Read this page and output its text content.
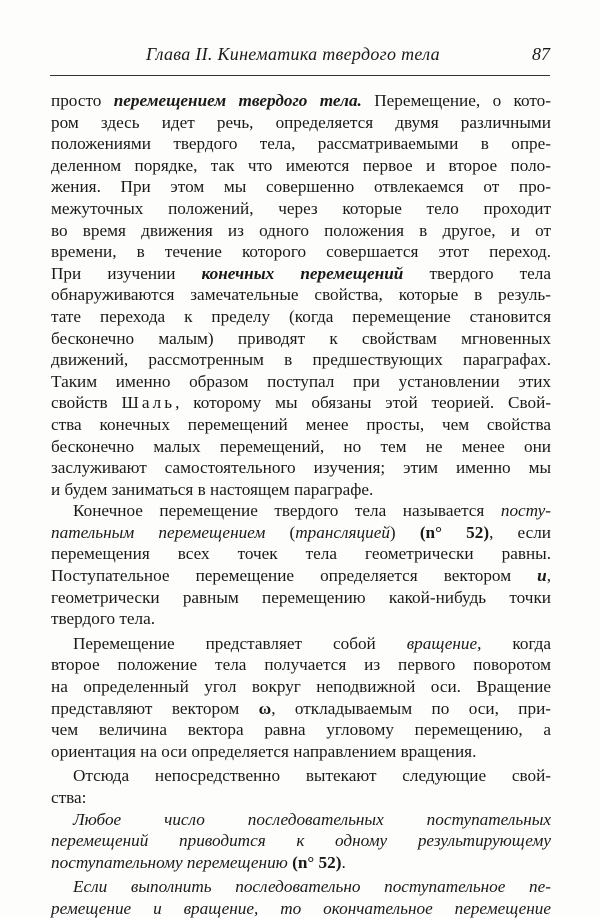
Глава II. Кинематика твердого тела	87

просто перемещением твердого тела. Перемещение, о кото-

ром здесь идет речь, определяется двумя различными

положениями твердого тела, рассматриваемыми в опре-

деленном порядке, так что имеются первое и второе поло-

жения. При этом мы совершенно отвлекаемся от про-

межуточных положений, через которые тело проходит

во время движения из одного положения в другое, и от

времени, в течение которого совершается этот переход.

При изучении конечных перемещений твердого тела

обнаруживаются замечательные свойства, которые в резуль-

тате перехода к пределу (когда перемещение становится

бесконечно малым) приводят к свойствам мгновенных

движений, рассмотренным в предшествующих параграфах.

Таким именно образом поступал при установлении этих

свойств Шаль, которому мы обязаны этой теорией. Свой-

ства конечных перемещений менее просты, чем свойства

бесконечно малых перемещений, но тем не менее они

заслуживают самостоятельного изучения; этим именно мы

и будем заниматься в настоящем параграфе.

Конечное перемещение твердого тела называется посту-

пательным перемещением (трансляцией) (n° 52), если

перемещения всех точек тела геометрически равны.

Поступательное перемещение определяется вектором u,

геометрически равным перемещению какой-нибудь точки

твердого тела.

Перемещение представляет собой вращение, когда

второе положение тела получается из первого поворотом

на определенный угол вокруг неподвижной оси. Вращение

представляют вектором ω, откладываемым по оси, при-

чем величина вектора равна угловому перемещению, а

ориентация на оси определяется направлением вращения.

Отсюда непосредственно вытекают следующие свой-

ства:

Любое число последовательных поступательных

перемещений приводится к одному результирующему

поступательному перемещению (n° 52).

Если выполнить последовательно поступательное пе-

ремещение и вращение, то окончательное перемещение
